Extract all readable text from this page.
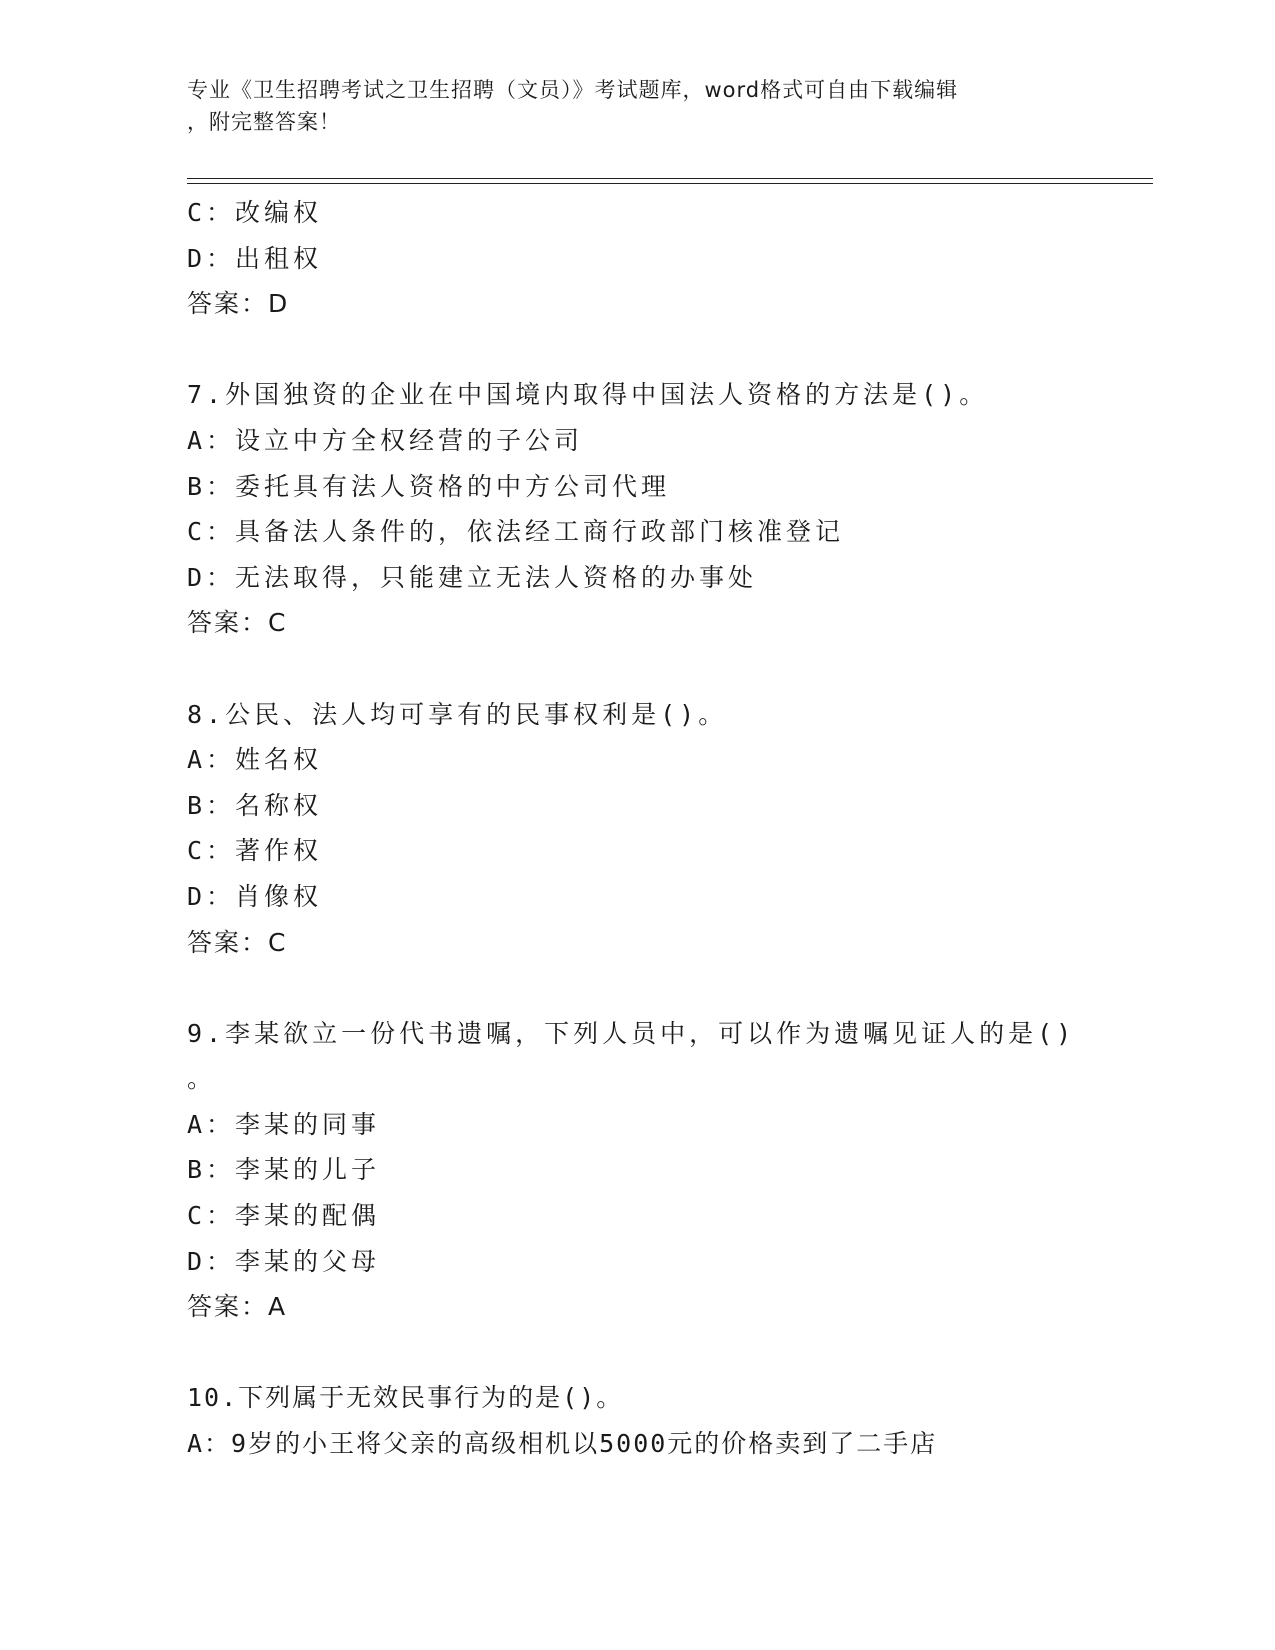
专业《卫生招聘考试之卫生招聘（文员）》考试题库，word格式可自由下载编辑
，附完整答案！
C：改编权
D：出租权
答案：D
7.外国独资的企业在中国境内取得中国法人资格的方法是()。
A：设立中方全权经营的子公司
B：委托具有法人资格的中方公司代理
C：具备法人条件的，依法经工商行政部门核准登记
D：无法取得，只能建立无法人资格的办事处
答案：C
8.公民、法人均可享有的民事权利是()。
A：姓名权
B：名称权
C：著作权
D：肖像权
答案：C
9.李某欲立一份代书遗嘱，下列人员中，可以作为遗嘱见证人的是()
。
A：李某的同事
B：李某的儿子
C：李某的配偶
D：李某的父母
答案：A
10.下列属于无效民事行为的是()。
A：9岁的小王将父亲的高级相机以5000元的价格卖到了二手店
